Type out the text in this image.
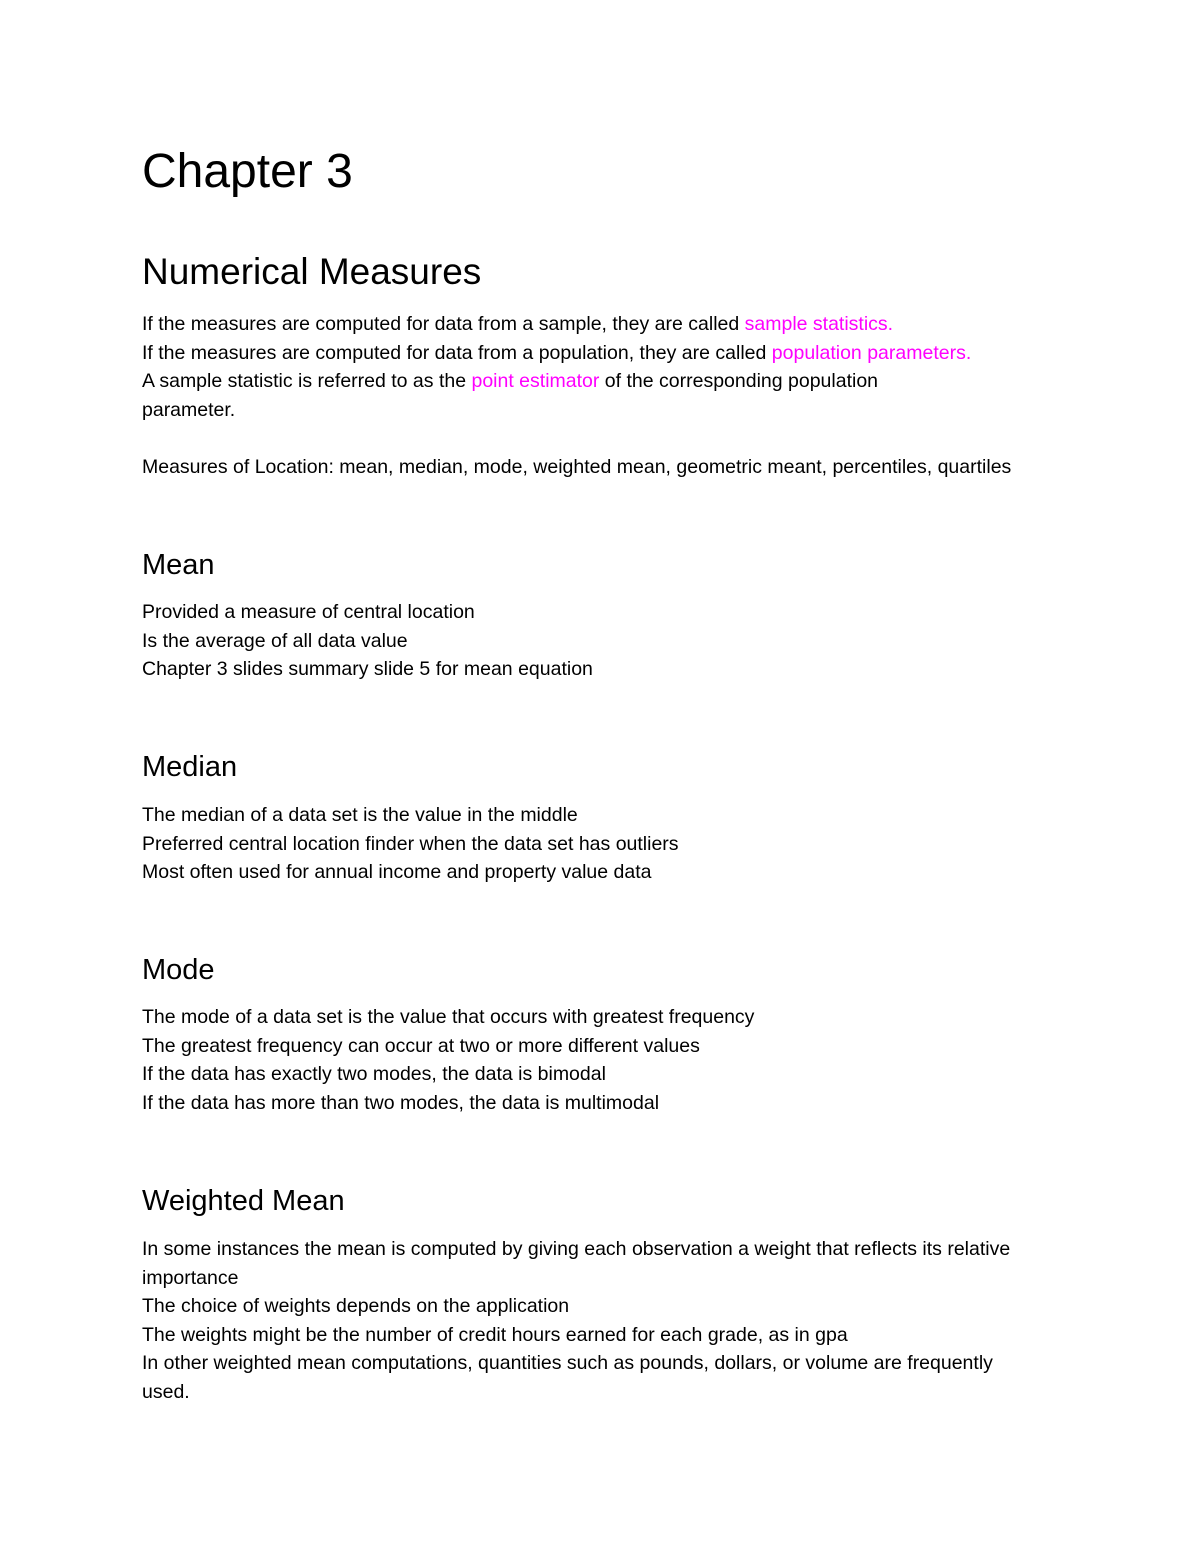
Chapter 3
Numerical Measures
If the measures are computed for data from a sample, they are called sample statistics.
If the measures are computed for data from a population, they are called population parameters.
A sample statistic is referred to as the point estimator of the corresponding population parameter.
Measures of Location: mean, median, mode, weighted mean, geometric meant, percentiles, quartiles
Mean
Provided a measure of central location
Is the average of all data value
Chapter 3 slides summary slide 5 for mean equation
Median
The median of a data set is the value in the middle
Preferred central location finder when the data set has outliers
Most often used for annual income and property value data
Mode
The mode of a data set is the value that occurs with greatest frequency
The greatest frequency can occur at two or more different values
If the data has exactly two modes, the data is bimodal
If the data has more than two modes, the data is multimodal
Weighted Mean
In some instances the mean is computed by giving each observation a weight that reflects its relative importance
The choice of weights depends on the application
The weights might be the number of credit hours earned for each grade, as in gpa
In other weighted mean computations, quantities such as pounds, dollars, or volume are frequently used.
